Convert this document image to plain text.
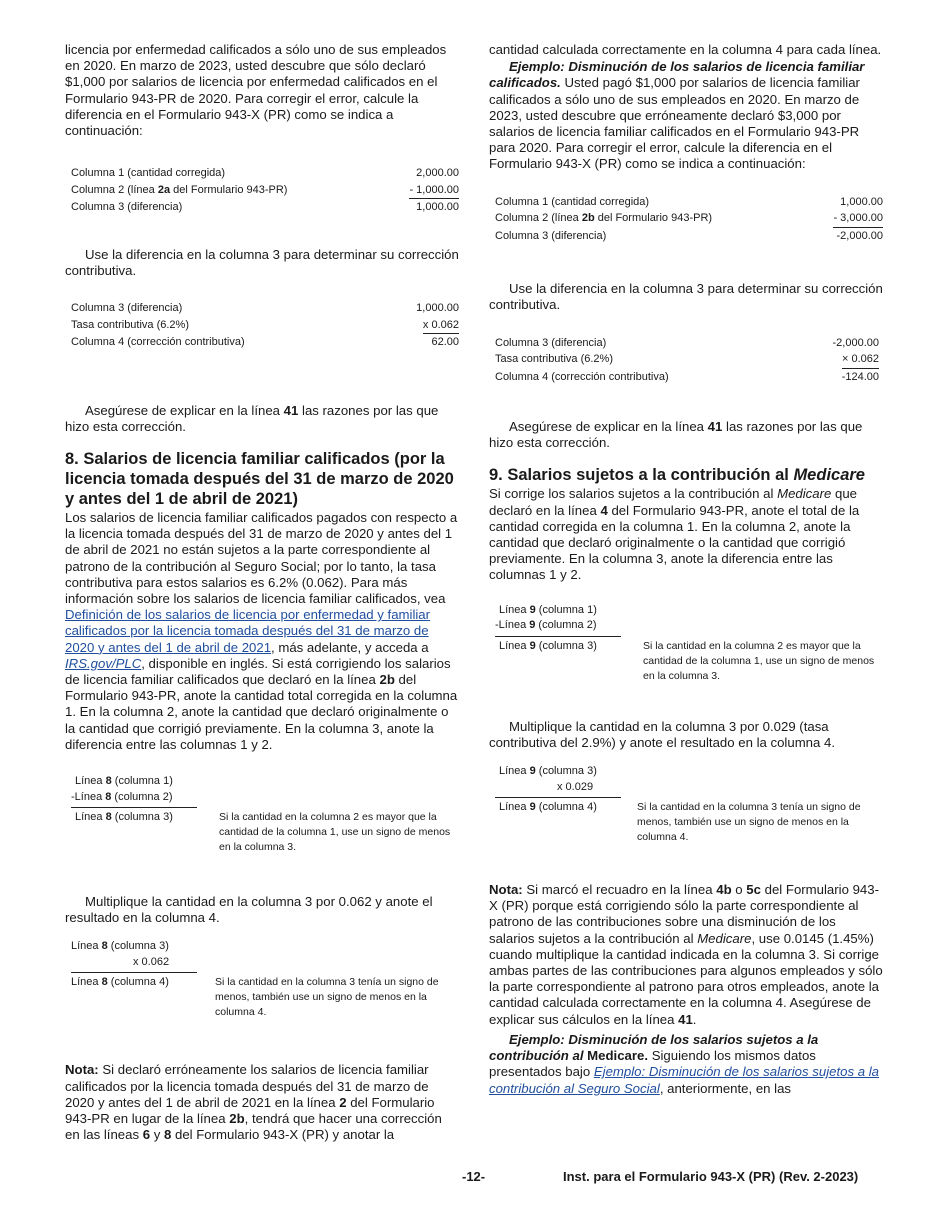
licencia por enfermedad calificados a sólo uno de sus empleados en 2020. En marzo de 2023, usted descubre que sólo declaró $1,000 por salarios de licencia por enfermedad calificados en el Formulario 943-PR de 2020. Para corregir el error, calcule la diferencia en el Formulario 943-X (PR) como se indica a continuación:

Columna 1 (cantidad corregida)	2,000.00
Columna 2 (línea 2a del Formulario 943-PR)	- 1,000.00
Columna 3 (diferencia)	1,000.00

Use la diferencia en la columna 3 para determinar su corrección contributiva.

Columna 3 (diferencia)	1,000.00
Tasa contributiva (6.2%)	x 0.062
Columna 4 (corrección contributiva)	62.00

Asegúrese de explicar en la línea 41 las razones por las que hizo esta corrección.

8. Salarios de licencia familiar calificados (por la licencia tomada después del 31 de marzo de 2020 y antes del 1 de abril de 2021)

Los salarios de licencia familiar calificados pagados con respecto a la licencia tomada después del 31 de marzo de 2020 y antes del 1 de abril de 2021 no están sujetos a la parte correspondiente al patrono de la contribución al Seguro Social; por lo tanto, la tasa contributiva para estos salarios es 6.2% (0.062). Para más información sobre los salarios de licencia familiar calificados, vea Definición de los salarios de licencia por enfermedad y familiar calificados por la licencia tomada después del 31 de marzo de 2020 y antes del 1 de abril de 2021, más adelante, y acceda a IRS.gov/PLC, disponible en inglés. Si está corrigiendo los salarios de licencia familiar calificados que declaró en la línea 2b del Formulario 943-PR, anote la cantidad total corregida en la columna 1. En la columna 2, anote la cantidad que declaró originalmente o la cantidad que corrigió previamente. En la columna 3, anote la diferencia entre las columnas 1 y 2.

Línea 8 (columna 1)
-Línea 8 (columna 2)
Línea 8 (columna 3)	Si la cantidad en la columna 2 es mayor que la cantidad de la columna 1, use un signo de menos en la columna 3.

Multiplique la cantidad en la columna 3 por 0.062 y anote el resultado en la columna 4.

Línea 8 (columna 3)
x 0.062
Línea 8 (columna 4)	Si la cantidad en la columna 3 tenía un signo de menos, también use un signo de menos en la columna 4.

Nota: Si declaró erróneamente los salarios de licencia familiar calificados por la licencia tomada después del 31 de marzo de 2020 y antes del 1 de abril de 2021 en la línea 2 del Formulario 943-PR en lugar de la línea 2b, tendrá que hacer una corrección en las líneas 6 y 8 del Formulario 943-X (PR) y anotar la

cantidad calculada correctamente en la columna 4 para cada línea.

Ejemplo: Disminución de los salarios de licencia familiar calificados. Usted pagó $1,000 por salarios de licencia familiar calificados a sólo uno de sus empleados en 2020. En marzo de 2023, usted descubre que erróneamente declaró $3,000 por salarios de licencia familiar calificados en el Formulario 943-PR para 2020. Para corregir el error, calcule la diferencia en el Formulario 943-X (PR) como se indica a continuación:

Columna 1 (cantidad corregida)	1,000.00
Columna 2 (línea 2b del Formulario 943-PR)	- 3,000.00
Columna 3 (diferencia)	-2,000.00

Use la diferencia en la columna 3 para determinar su corrección contributiva.

Columna 3 (diferencia)	-2,000.00
Tasa contributiva (6.2%)	× 0.062
Columna 4 (corrección contributiva)	-124.00

Asegúrese de explicar en la línea 41 las razones por las que hizo esta corrección.

9. Salarios sujetos a la contribución al Medicare

Si corrige los salarios sujetos a la contribución al Medicare que declaró en la línea 4 del Formulario 943-PR, anote el total de la cantidad corregida en la columna 1. En la columna 2, anote la cantidad que declaró originalmente o la cantidad que corrigió previamente. En la columna 3, anote la diferencia entre las columnas 1 y 2.

Línea 9 (columna 1)
-Línea 9 (columna 2)
Línea 9 (columna 3)	Si la cantidad en la columna 2 es mayor que la cantidad de la columna 1, use un signo de menos en la columna 3.

Multiplique la cantidad en la columna 3 por 0.029 (tasa contributiva del 2.9%) y anote el resultado en la columna 4.

Línea 9 (columna 3)
x 0.029
Línea 9 (columna 4)	Si la cantidad en la columna 3 tenía un signo de menos, también use un signo de menos en la columna 4.

Nota: Si marcó el recuadro en la línea 4b o 5c del Formulario 943-X (PR) porque está corrigiendo sólo la parte correspondiente al patrono de las contribuciones sobre una disminución de los salarios sujetos a la contribución al Medicare, use 0.0145 (1.45%) cuando multiplique la cantidad indicada en la columna 3. Si corrige ambas partes de las contribuciones para algunos empleados y sólo la parte correspondiente al patrono para otros empleados, anote la cantidad calculada correctamente en la columna 4. Asegúrese de explicar sus cálculos en la línea 41.

Ejemplo: Disminución de los salarios sujetos a la contribución al Medicare. Siguiendo los mismos datos presentados bajo Ejemplo: Disminución de los salarios sujetos a la contribución al Seguro Social, anteriormente, en las

-12-	Inst. para el Formulario 943-X (PR) (Rev. 2-2023)
